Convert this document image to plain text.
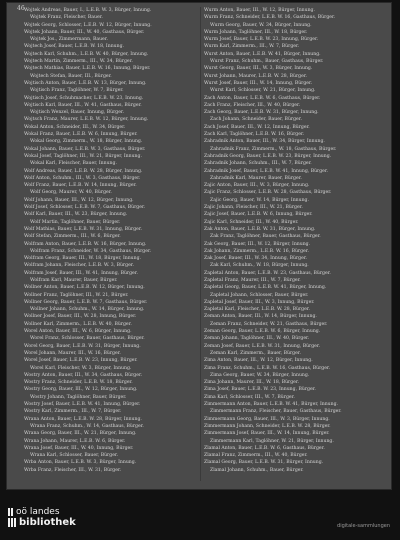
46 Wojtek Andreas, Bauer, I., L.E.B. W. 3, Bürger, Innung.
Wojtek Franz, Fleischer, Bauer.
Wojtek Georg, Schlosser, L.E.B. W. 12, Bürger, Innung.
Wojtek Johann, Bauer, III., W. 40, Gasthaus, Bürger.
Wojtek Jos., Zimmermann, Bauer.
Wojtech Josef, Bauer, L.E.B. W. 18, Innung.
Wojtech Karl, Schuhm., L.E.B. W. 40, Bürger, Innung.
Wojtech Martin, Zimmerm., III., W. 34, Bürger.
Wojtech Mathias, Bauer, L.E.B. W. 16, Innung, Bürger.
Wojtech Stefan, Bauer, III., Bürger.
Wojtisch Anton, Bauer, L.E.B. W. 13, Bürger, Innung.
Wojtisch Franz, Taglöhner, W. 7, Bürger.
Wojtisch Josef, Schuhmacher, L.E.B. W. 23, Innung.
Wojtisch Karl, Bauer, III., W. 41, Gasthaus, Bürger.
Wojtisch Wenzel, Bauer, Innung, Bürger.
Wojtsch Franz, Maurer, L.E.B. W. 12, Bürger, Innung.
Wokal Anton, Schneider, III., W. 34, Bürger.
Wokal Franz, Bauer, L.E.B. W. 6, Innung, Bürger.
Wokal Georg, Zimmerm., W. 18, Bürger, Innung.
Wokal Johann, Bauer, L.E.B. W. 3, Gasthaus, Bürger.
Wokal Josef, Taglöhner, III., W. 21, Bürger, Innung.
Wokal Karl, Fleischer, Bauer, Innung.
Wolf Andreas, Bauer, L.E.B. W. 28, Bürger, Innung.
Wolf Anton, Schuhm., III., W. 3, Gasthaus, Bürger.
Wolf Franz, Bauer, L.E.B. W. 14, Innung, Bürger.
Wolf Georg, Maurer, W. 40, Bürger.
Wolf Johann, Bauer, III., W. 12, Bürger, Innung.
Wolf Josef, Schlosser, L.E.B. W. 7, Gasthaus, Bürger.
Wolf Karl, Bauer, III., W. 23, Bürger, Innung.
Wolf Martin, Taglöhner, Bauer, Bürger.
Wolf Mathias, Bauer, L.E.B. W. 31, Innung, Bürger.
Wolf Stefan, Zimmerm., III., W. 6, Bürger.
Wolfram Anton, Bauer, L.E.B. W. 16, Bürger, Innung.
Wolfram Franz, Schneider, W. 34, Gasthaus, Bürger.
Wolfram Georg, Bauer, III., W. 18, Bürger, Innung.
Wolfram Johann, Fleischer, L.E.B. W. 3, Bürger.
Wolfram Josef, Bauer, III., W. 41, Innung, Bürger.
Wolfram Karl, Maurer, Bauer, Bürger.
Wollner Anton, Bauer, L.E.B. W. 12, Bürger, Innung.
Wollner Franz, Taglöhner, III., W. 21, Bürger.
Wollner Georg, Bauer, L.E.B. W. 7, Gasthaus, Bürger.
Wollner Johann, Schuhm., W. 14, Bürger, Innung.
Wollner Josef, Bauer, III., W. 28, Innung, Bürger.
Wollner Karl, Zimmerm., L.E.B. W. 40, Bürger.
Worel Anton, Bauer, III., W. 6, Bürger, Innung.
Worel Franz, Schlosser, Bauer, Gasthaus, Bürger.
Worel Georg, Bauer, L.E.B. W. 31, Bürger, Innung.
Worel Johann, Maurer, III., W. 16, Bürger.
Worel Josef, Bauer, L.E.B. W. 23, Innung, Bürger.
Worel Karl, Fleischer, W. 3, Bürger, Innung.
Wostry Anton, Bauer, III., W. 34, Gasthaus, Bürger.
Wostry Franz, Schneider, L.E.B. W. 18, Bürger.
Wostry Georg, Bauer, III., W. 12, Bürger, Innung.
Wostry Johann, Taglöhner, Bauer, Bürger.
Wostry Josef, Bauer, L.E.B. W. 41, Innung, Bürger.
Wostry Karl, Zimmerm., III., W. 7, Bürger.
Wrana Anton, Bauer, L.E.B. W. 28, Bürger, Innung.
Wrana Franz, Schuhm., W. 14, Gasthaus, Bürger.
Wrana Georg, Bauer, III., W. 21, Bürger, Innung.
Wrana Johann, Maurer, L.E.B. W. 6, Bürger.
Wrana Josef, Bauer, III., W. 40, Innung, Bürger.
Wrana Karl, Schlosser, Bauer, Bürger.
Wrba Anton, Bauer, L.E.B. W. 3, Bürger, Innung.
Wrba Franz, Fleischer, III., W. 31, Bürger.
Wurm Anton, Bauer, III., W. 12, Bürger, Innung.
Wurm Franz, Schneider, L.E.B. W. 16, Gasthaus, Bürger.
Wurm Georg, Bauer, W. 34, Bürger, Innung.
Wurm Johann, Taglöhner, III., W. 18, Bürger.
Wurm Josef, Bauer, L.E.B. W. 23, Innung, Bürger.
Wurm Karl, Zimmerm., III., W. 7, Bürger.
Wurst Anton, Bauer, L.E.B. W. 41, Bürger, Innung.
Wurst Franz, Schuhm., Bauer, Gasthaus, Bürger.
Wurst Georg, Bauer, III., W. 3, Bürger, Innung.
Wurst Johann, Maurer, L.E.B. W. 28, Bürger.
Wurst Josef, Bauer, III., W. 14, Innung, Bürger.
Wurst Karl, Schlosser, W. 21, Bürger, Innung.
Zach Anton, Bauer, L.E.B. W. 6, Gasthaus, Bürger.
Zach Franz, Fleischer, III., W. 40, Bürger.
Zach Georg, Bauer, L.E.B. W. 31, Bürger, Innung.
Zach Johann, Schneider, Bauer, Bürger.
Zach Josef, Bauer, III., W. 12, Innung, Bürger.
Zach Karl, Taglöhner, L.E.B. W. 16, Bürger.
Zahradnik Anton, Bauer, III., W. 34, Bürger, Innung.
Zahradnik Franz, Zimmerm., W. 18, Gasthaus, Bürger.
Zahradnik Georg, Bauer, L.E.B. W. 23, Bürger, Innung.
Zahradnik Johann, Schuhm., III., W. 7, Bürger.
Zahradnik Josef, Bauer, L.E.B. W. 41, Innung, Bürger.
Zahradnik Karl, Maurer, Bauer, Bürger.
Zajic Anton, Bauer, III., W. 3, Bürger, Innung.
Zajic Franz, Schlosser, L.E.B. W. 28, Gasthaus, Bürger.
Zajic Georg, Bauer, W. 14, Bürger, Innung.
Zajic Johann, Fleischer, III., W. 21, Bürger.
Zajic Josef, Bauer, L.E.B. W. 6, Innung, Bürger.
Zajic Karl, Schneider, III., W. 40, Bürger.
Zak Anton, Bauer, L.E.B. W. 31, Bürger, Innung.
Zak Franz, Taglöhner, Bauer, Gasthaus, Bürger.
Zak Georg, Bauer, III., W. 12, Bürger, Innung.
Zak Johann, Zimmerm., L.E.B. W. 16, Bürger.
Zak Josef, Bauer, III., W. 34, Innung, Bürger.
Zak Karl, Schuhm., W. 18, Bürger, Innung.
Zapletal Anton, Bauer, L.E.B. W. 23, Gasthaus, Bürger.
Zapletal Franz, Maurer, III., W. 7, Bürger.
Zapletal Georg, Bauer, L.E.B. W. 41, Bürger, Innung.
Zapletal Johann, Schlosser, Bauer, Bürger.
Zapletal Josef, Bauer, III., W. 3, Innung, Bürger.
Zapletal Karl, Fleischer, L.E.B. W. 28, Bürger.
Zeman Anton, Bauer, III., W. 14, Bürger, Innung.
Zeman Franz, Schneider, W. 21, Gasthaus, Bürger.
Zeman Georg, Bauer, L.E.B. W. 6, Bürger, Innung.
Zeman Johann, Taglöhner, III., W. 40, Bürger.
Zeman Josef, Bauer, L.E.B. W. 31, Innung, Bürger.
Zeman Karl, Zimmerm., Bauer, Bürger.
Zima Anton, Bauer, III., W. 12, Bürger, Innung.
Zima Franz, Schuhm., L.E.B. W. 16, Gasthaus, Bürger.
Zima Georg, Bauer, W. 34, Bürger, Innung.
Zima Johann, Maurer, III., W. 18, Bürger.
Zima Josef, Bauer, L.E.B. W. 23, Innung, Bürger.
Zima Karl, Schlosser, III., W. 7, Bürger.
Zimmermann Anton, Bauer, L.E.B. W. 41, Bürger, Innung.
Zimmermann Franz, Fleischer, Bauer, Gasthaus, Bürger.
Zimmermann Georg, Bauer, III., W. 3, Bürger, Innung.
Zimmermann Johann, Schneider, L.E.B. W. 28, Bürger.
Zimmermann Josef, Bauer, III., W. 14, Innung, Bürger.
Zimmermann Karl, Taglöhner, W. 21, Bürger, Innung.
Zlamal Anton, Bauer, L.E.B. W. 6, Gasthaus, Bürger.
Zlamal Franz, Zimmerm., III., W. 40, Bürger.
Zlamal Georg, Bauer, L.E.B. W. 31, Bürger, Innung.
Zlamal Johann, Schuhm., Bauer, Bürger.
oö landes
bibliothek	digitale-sammlungen
